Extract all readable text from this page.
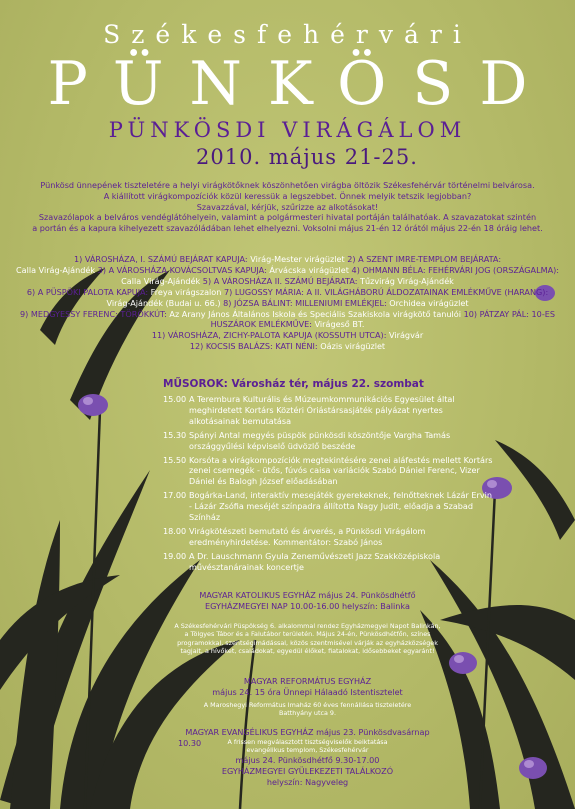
Székesfehérvári
PÜNKÖSD
PÜNKÖSDI VIRÁGÁLOM
2010. május 21-25.
Pünkösd ünnepének tiszteletére a helyi virágkötőknek köszönhetően virágba öltözik Székesfehérvár történelmi belvárosa.
A kiállított virágkompozíciók közül keressük a legszebbet. Önnek melyik tetszik legjobban?
Szavazzával, kérjük, szűrizze az alkotásokat!
Szavazólapok a belváros vendéglátóhelyein, valamint a polgármesteri hivatal portáján találhatóak. A szavazatokat szintén
a portán és a kapura kihelyezett szavazóládában lehet elhelyezni. Voksolni május 21-én 12 órától május 22-én 18 óráig lehet.
1) VÁROSHÁZA, I. SZÁMÚ BEJÁRAT KAPUJA: Virág-Mester virágüzlet 2) A SZENT IMRE-TEMPLOM BEJÁRATA:
Calla Virág-Ajándék 3) A VÁROSHÁZA KOVÁCSOLTVAS KAPUJA: Árvácska virágüzlet 4) OHMANN BÉLA: FEHÉRVÁRI JOG (ORSZÁGALMA):
Calla Virág-Ajándék 5) A VÁROSHÁZA II. SZÁMÚ BEJÁRATA: Tűzvirág Virág-Ajándék
6) A PÜSPÖKI PALOTA KAPUJA: Freya virágszalon 7) LUGOSSY MÁRIA: A II. VILÁGHÁBORÚ ÁLDOZATAINAK EMLÉKMŰVE (HARANG):
Virág-Ajándék (Budai u. 66.) 8) JÓZSA BÁLINT: MILLENIUMI EMLÉKJEL: Orchidea virágüzlet
9) MEDGYESSY FERENC: TÖRÖKKÚT: Az Arany János Általános Iskola és Speciális Szakiskola virágkötő tanulói 10) PÁTZAY PÁL: 10-ES HUSZÁROK EMLÉKMŰVE: Virágeső BT.
11) VÁROSHÁZA, ZICHY-PALOTA KAPUJA (KOSSUTH UTCA): Virágvár
12) KOCSIS BALÁZS: KATI NÉNI: Oázis virágüzlet
MŰSOROK: Városház tér, május 22. szombat
15.00 A Terembura Kulturális és Múzeumkommunikációs Egyesület által meghirdetett Kortárs Köztéri Óriástársasjáték pályázat nyertes alkotásainak bemutatása
15.30 Spányi Antal megyés püspök pünkösdi köszöntője Vargha Tamás országgyűlési képviselő üdvözlő beszéde
15.50 Korsóta a virágkompozíciók megtekintésére zenei aláfestés mellett Kortárs zenei csemegék - ütős, fúvós caisa variációk Szabó Dániel Ferenc, Vizer Dániel és Balogh József előadásában
17.00 Bogárka-Land, interaktív mesejáték gyerekeknek, felnőtteknek Lázár Ervin - Lázár Zsófia meséjét színpadra állította Nagy Judit, előadja a Szabad Színház
18.00 Virágkötészeti bemutató és árverés, a Pünkösdi Virágálom eredményhirdetése. Kommentátor: Szabó János
19.00 A Dr. Lauschmann Gyula Zeneművészeti Jazz Szakközépiskola művésztanárainak koncertje
MAGYAR KATOLIKUS EGYHÁZ május 24. Pünkösdhétfő
EGYHÁZMEGYEI NAP 10.00-16.00 helyszín: Balinka
A Székesfehérvári Püspökség 6. alkalommal rendez Egyházmegyei Napot Balinkán,
a Tölgyes Tábor és a Falutábor területén. Május 24-én, Pünkösdhétfőn, színes
programokkal, szentségimádással, közös szentmisével várják az egyházközségek
tagjait, a hívőket, családokat, egyedül élőket, fiatalokat, idősebbeket egyaránt!
MAGYAR REFORMÁTUS EGYHÁZ
május 24. 15 óra Ünnepi Hálaadó Istentisztelet
A Maroshegyi Református Imaház 60 éves fennállása tiszteletére
Batthyány utca 9.
MAGYAR EVANGÉLIKUS EGYHÁZ május 23. Pünkösdvasárnap
10.30	A frissen megválasztott tisztségviselők beiktatása
evangélikus templom, Székesfehérvár
május 24. Pünkösdhétfő 9.30-17.00
EGYHÁZMEGYEI GYÜLEKEZETI TALÁLKOZÓ
helyszín: Nagyveleg
